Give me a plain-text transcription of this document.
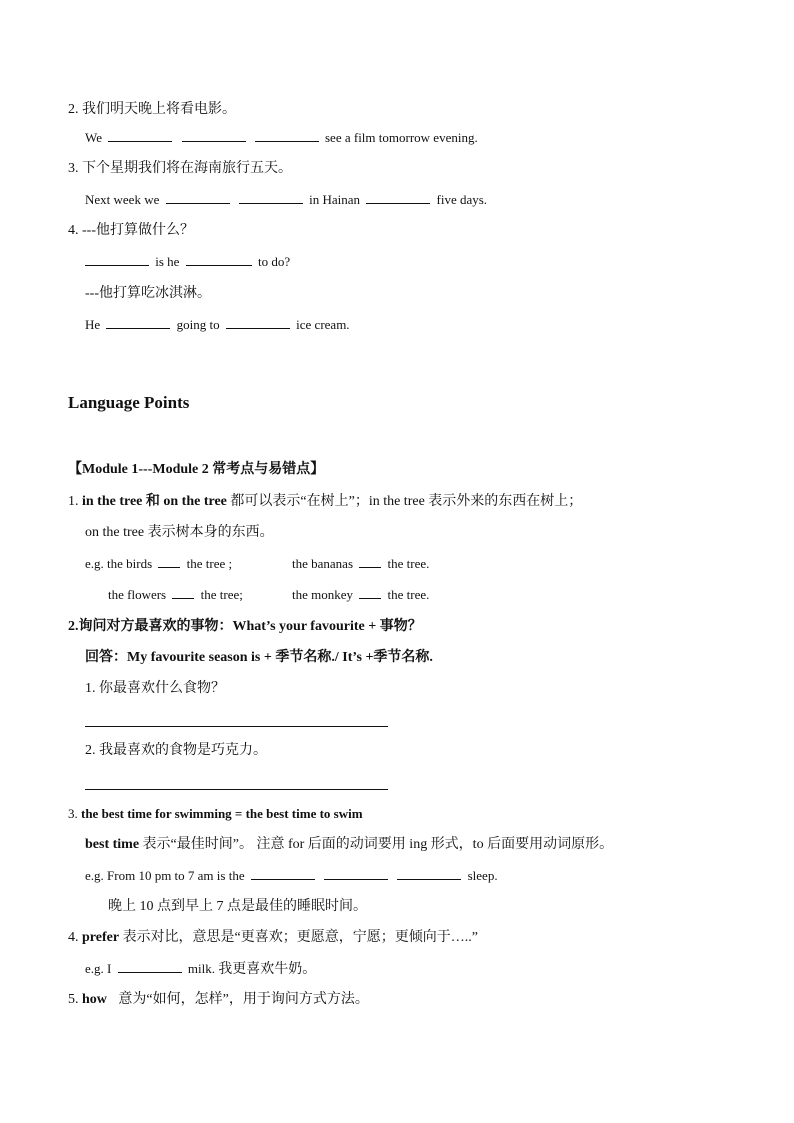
2. 我们明天晚上将看电影。
We	see a film tomorrow evening.
3. 下个星期我们将在海南旅行五天。
Next week we	in Hainan	five days.
4. ---他打算做什么？
is he	to do?
---他打算吃冰淇淋。
He	going to	ice cream.
Language Points
【Module 1---Module 2 常考点与易错点】
1. in the tree 和 on the tree 都可以表示“在树上”；in the tree 表示外来的东西在树上；
on the tree 表示树本身的东西。
e.g. the birds	the tree ;	the bananas	the tree.
the flowers	the tree;	the monkey	the tree.
2.询问对方最喜欢的事物：What’s your favourite + 事物？
回答：My favourite season is + 季节名称./ It’s +季节名称.
1. 你最喜欢什么食物？
2. 我最喜欢的食物是巧克力。
3. the best time for swimming = the best time to swim
best time 表示“最佳时间”。 注意 for 后面的动词要用 ing 形式，to 后面要用动词原形。
e.g. From 10 pm to 7 am is the	sleep.
晚上 10 点到早上 7 点是最佳的睡眠时间。
4. prefer 表示对比，意思是“更喜欢；更愿意，宁愿；更倾向于…..”
e.g. I	milk. 我更喜欢牛奶。
5. how 意为“如何，怎样”，用于询问方式方法。
